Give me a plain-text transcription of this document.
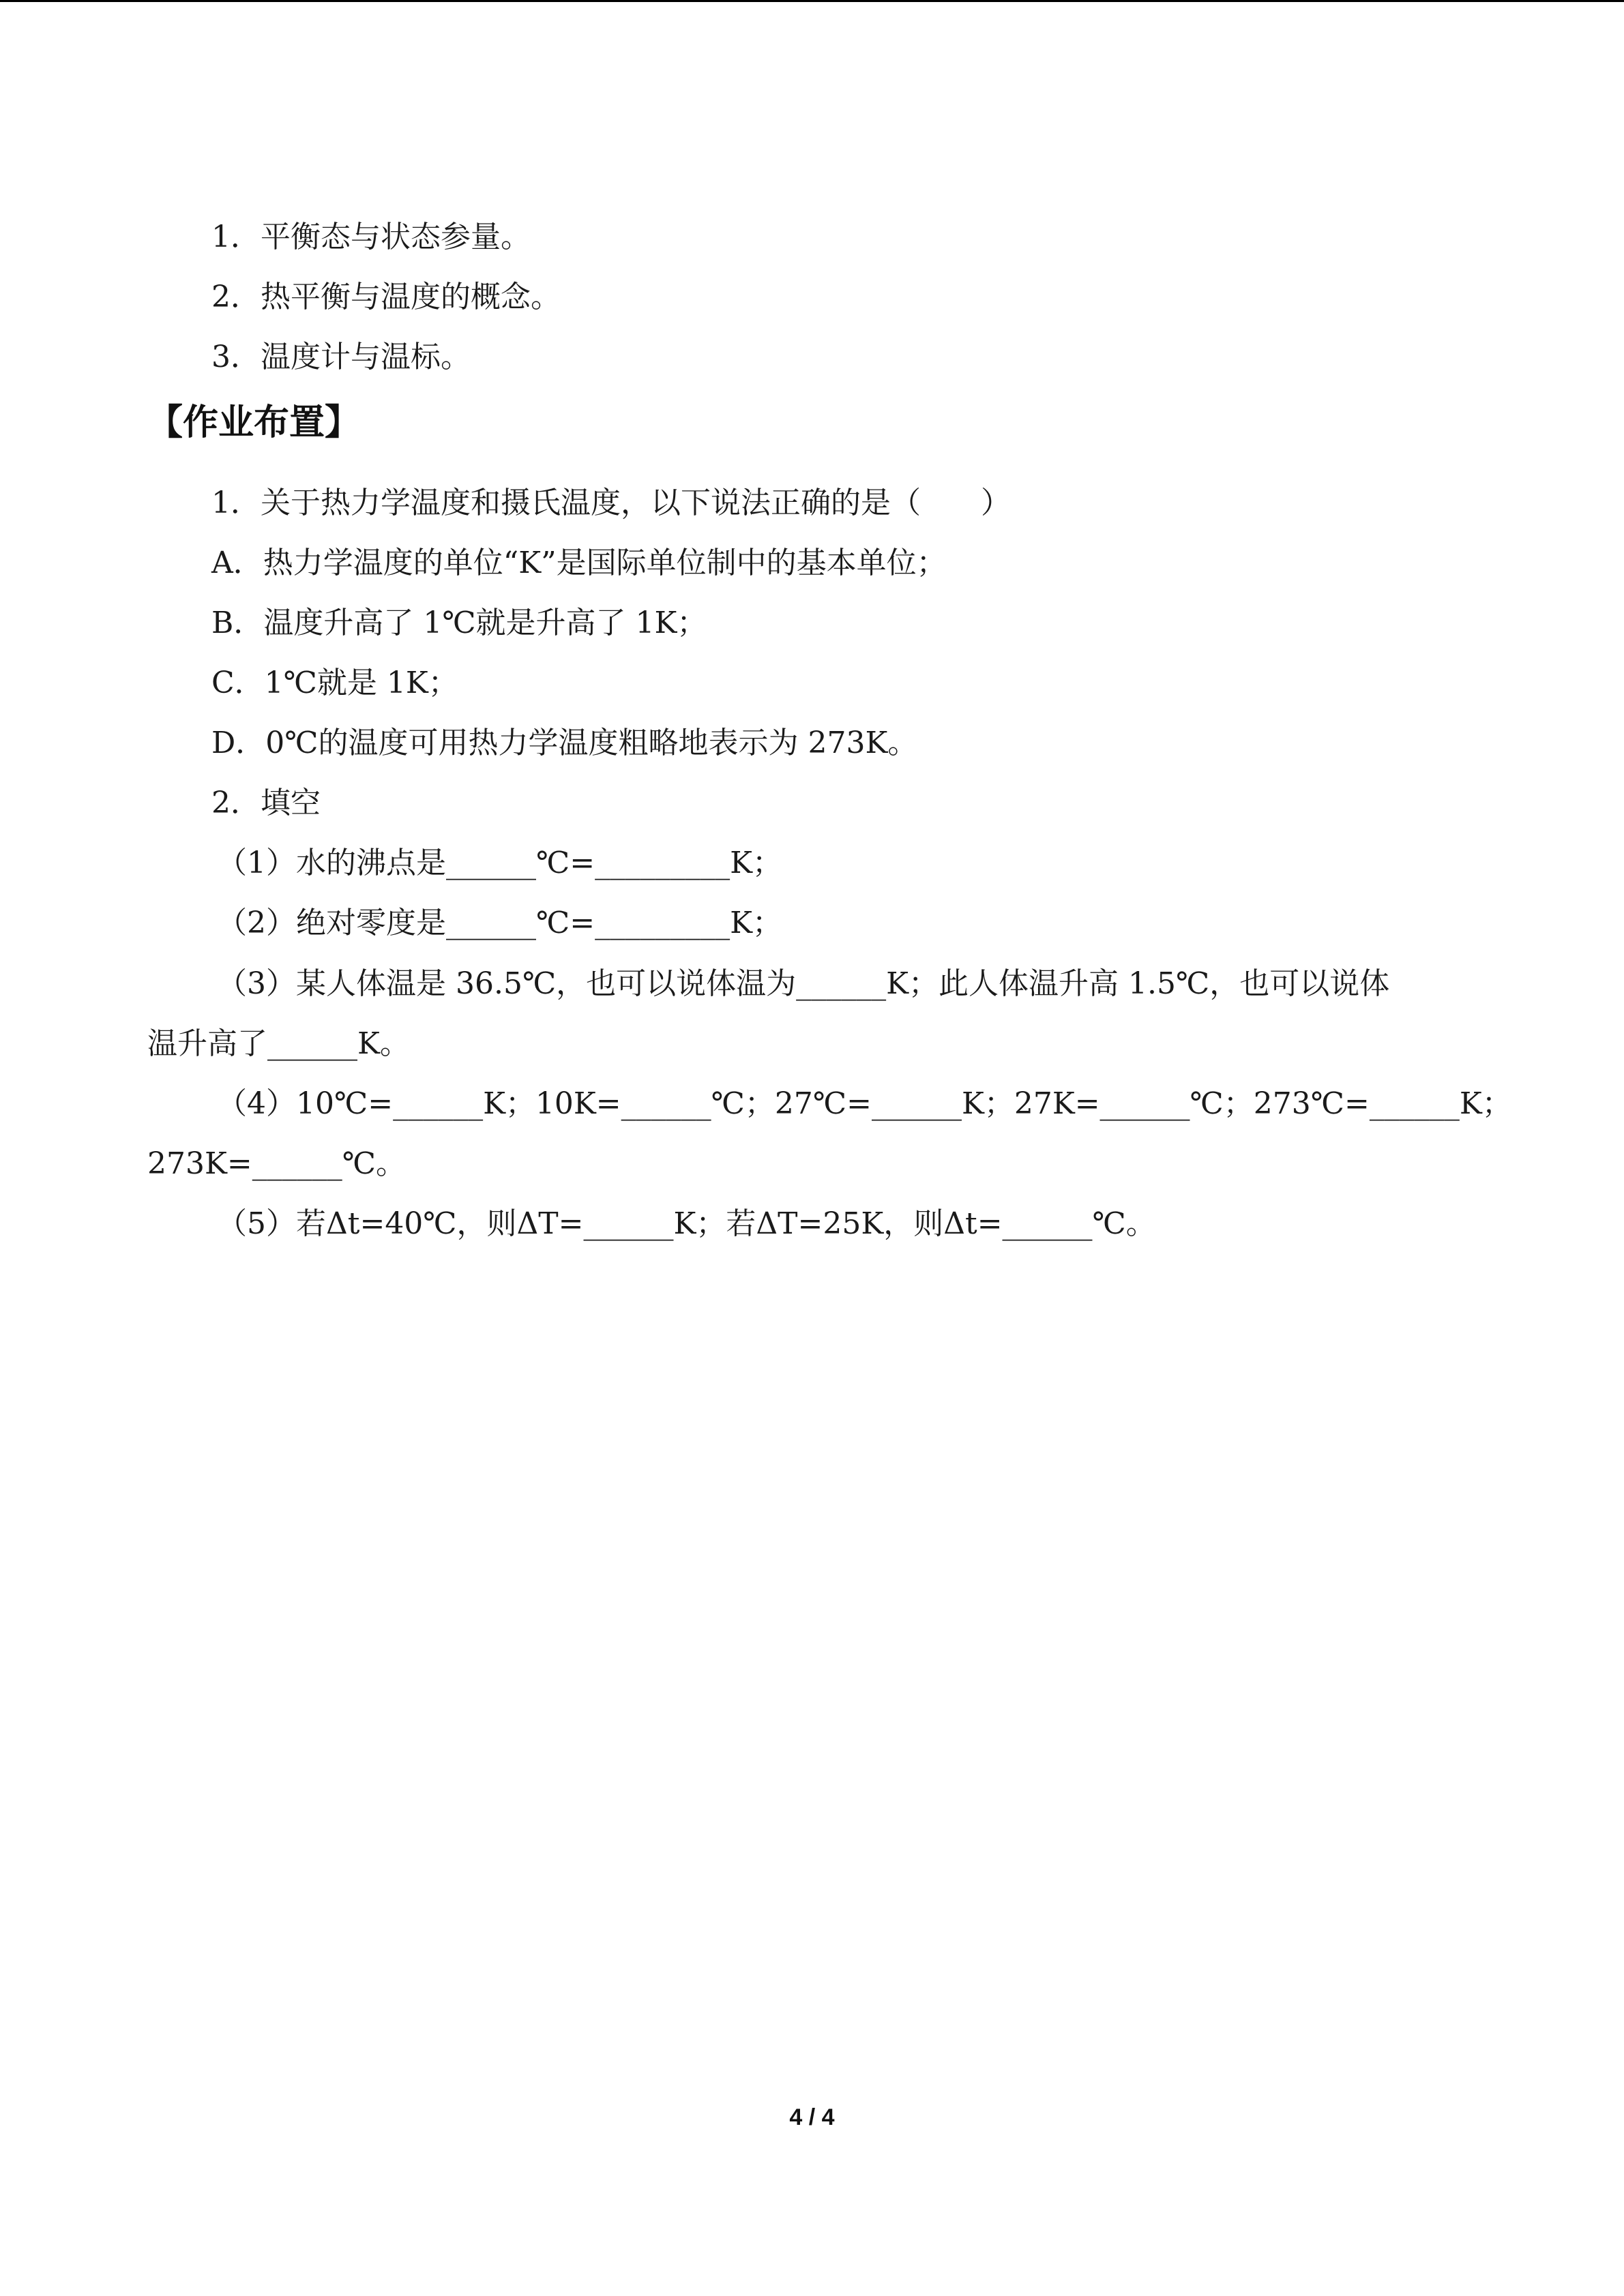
1．平衡态与状态参量。

2．热平衡与温度的概念。

3．温度计与温标。

【作业布置】

1．关于热力学温度和摄氏温度，以下说法正确的是（　　）

A．热力学温度的单位“K”是国际单位制中的基本单位；

B．温度升高了 1℃就是升高了 1K；

C．1℃就是 1K；

D．0℃的温度可用热力学温度粗略地表示为 273K。

2．填空

（1）水的沸点是______℃=_________K；

（2）绝对零度是______℃=_________K；

（3）某人体温是 36.5℃，也可以说体温为______K；此人体温升高 1.5℃，也可以说体

温升高了______K。

（4）10℃=______K；10K=______℃；27℃=______K；27K=______℃；273℃=______K；

273K=______℃。

（5）若Δt=40℃，则ΔT=______K；若ΔT=25K，则Δt=______℃。

4 / 4
